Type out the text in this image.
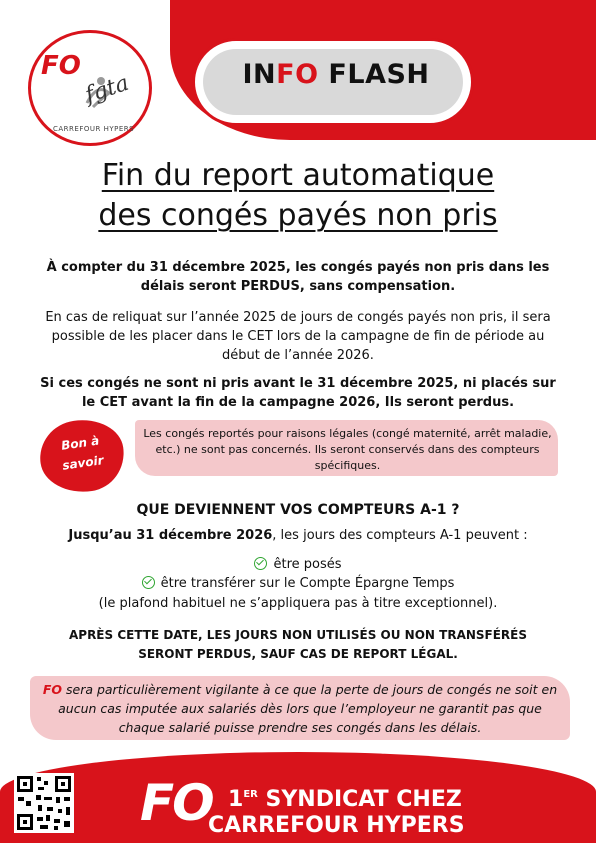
FO
fgta
CARREFOUR HYPERS
INFO FLASH
Fin du report automatique
des congés payés non pris
À compter du 31 décembre 2025, les congés payés non pris dans les délais seront PERDUS, sans compensation.
En cas de reliquat sur l’année 2025 de jours de congés payés non pris, il sera possible de les placer dans le CET lors de la campagne de fin de période au début de l’année 2026.
Si ces congés ne sont ni pris avant le 31 décembre 2025, ni placés sur le CET avant la fin de la campagne 2026, Ils seront perdus.
Les congés reportés pour raisons légales (congé maternité, arrêt maladie, etc.) ne sont pas concernés. Ils seront conservés dans des compteurs spécifiques.
Bon à
savoir
QUE DEVIENNENT VOS COMPTEURS A-1 ?
Jusqu’au 31 décembre 2026, les jours des compteurs A-1 peuvent :
être posés
être transférer sur le Compte Épargne Temps
(le plafond habituel ne s’appliquera pas à titre exceptionnel).
APRÈS CETTE DATE, LES JOURS NON UTILISÉS OU NON TRANSFÉRÉS SERONT PERDUS, SAUF CAS DE REPORT LÉGAL.
FO sera particulièrement vigilante à ce que la perte de jours de congés ne soit en aucun cas imputée aux salariés dès lors que l’employeur ne garantit pas que chaque salarié puisse prendre ses congés dans les délais.
FO 1ER SYNDICAT CHEZ
CARREFOUR HYPERS
